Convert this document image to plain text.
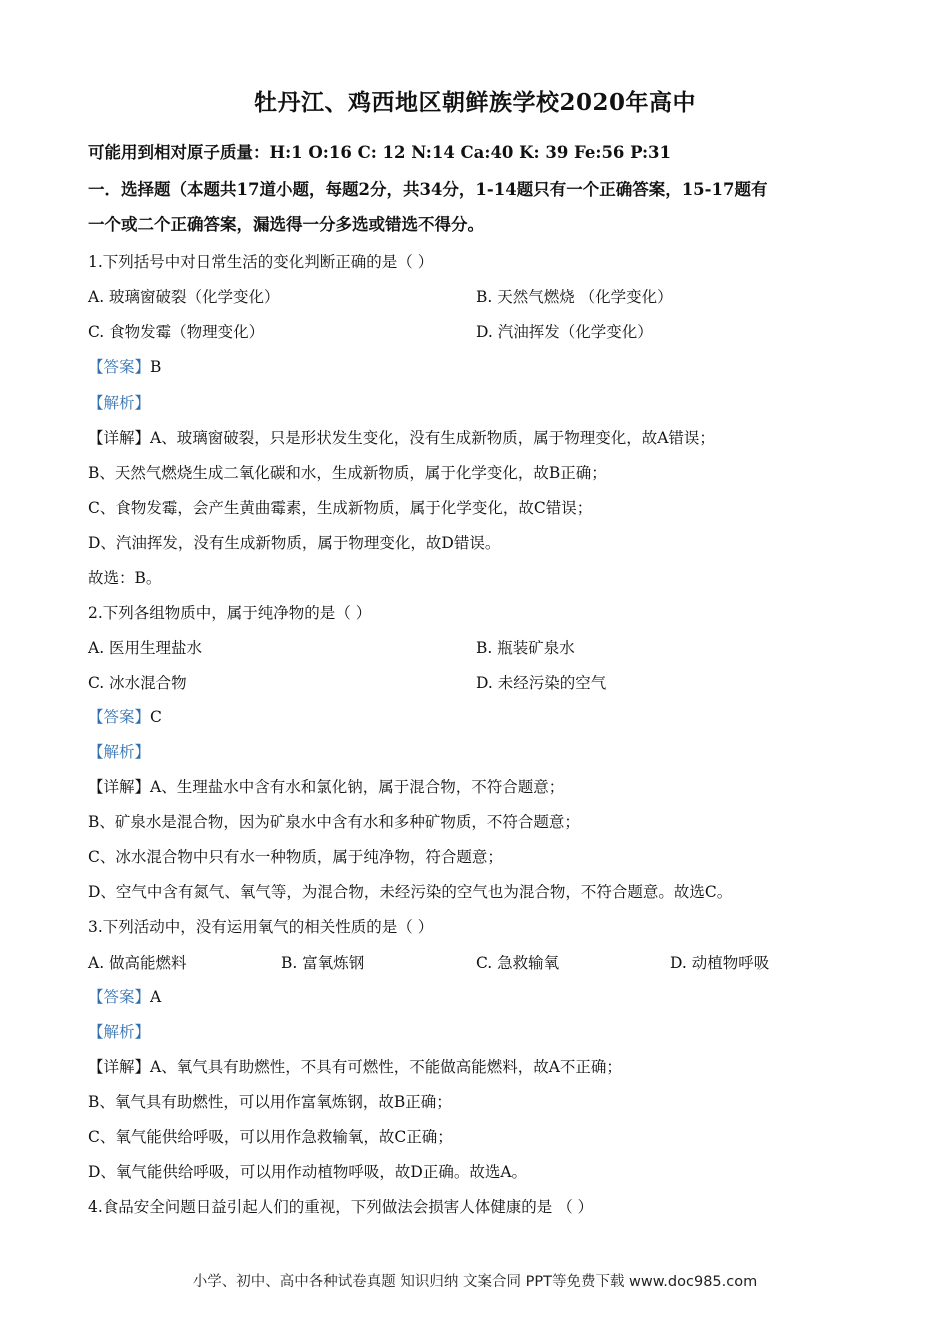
牡丹江、鸡西地区朝鲜族学校2020年高中
可能用到相对原子质量：H:1 O:16 C: 12 N:14 Ca:40 K: 39 Fe:56 P:31
一．选择题（本题共17道小题，每题2分，共34分，1-14题只有一个正确答案，15-17题有
一个或二个正确答案，漏选得一分多选或错选不得分。
1.下列括号中对日常生活的变化判断正确的是（ ）
A. 玻璃窗破裂（化学变化）	B. 天然气燃烧 （化学变化）
C. 食物发霉（物理变化）	D. 汽油挥发（化学变化）
【答案】B
【解析】
【详解】A、玻璃窗破裂，只是形状发生变化，没有生成新物质，属于物理变化，故A错误；
B、天然气燃烧生成二氧化碳和水，生成新物质，属于化学变化，故B正确；
C、食物发霉，会产生黄曲霉素，生成新物质，属于化学变化，故C错误；
D、汽油挥发，没有生成新物质，属于物理变化，故D错误。
故选：B。
2.下列各组物质中，属于纯净物的是（ ）
A. 医用生理盐水	B. 瓶装矿泉水
C. 冰水混合物	D. 未经污染的空气
【答案】C
【解析】
【详解】A、生理盐水中含有水和氯化钠，属于混合物，不符合题意；
B、矿泉水是混合物，因为矿泉水中含有水和多种矿物质，不符合题意；
C、冰水混合物中只有水一种物质，属于纯净物，符合题意；
D、空气中含有氮气、氧气等，为混合物，未经污染的空气也为混合物，不符合题意。故选C。
3.下列活动中，没有运用氧气的相关性质的是（ ）
A. 做高能燃料	B. 富氧炼钢	C. 急救输氧	D. 动植物呼吸
【答案】A
【解析】
【详解】A、氧气具有助燃性，不具有可燃性，不能做高能燃料，故A不正确；
B、氧气具有助燃性，可以用作富氧炼钢，故B正确；
C、氧气能供给呼吸，可以用作急救输氧，故C正确；
D、氧气能供给呼吸，可以用作动植物呼吸，故D正确。故选A。
4.食品安全问题日益引起人们的重视，下列做法会损害人体健康的是 （ ）
小学、初中、高中各种试卷真题 知识归纳 文案合同 PPT等免费下载 www.doc985.com
